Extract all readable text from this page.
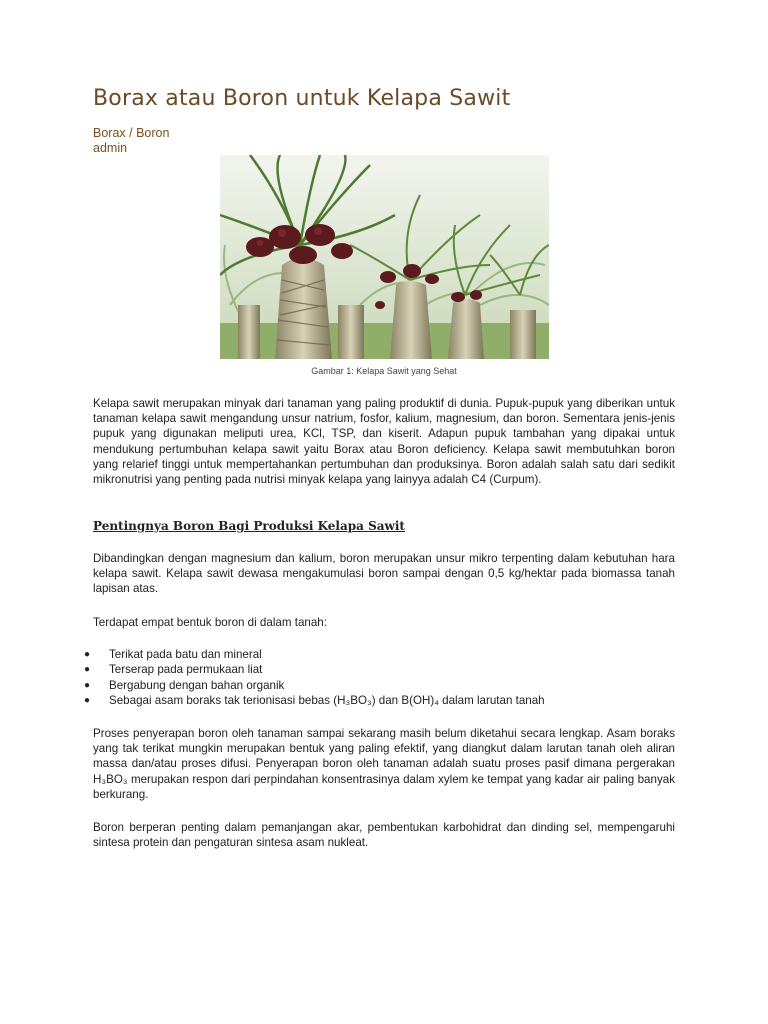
Borax atau Boron untuk Kelapa Sawit

Borax / Boron

admin

Gambar 1: Kelapa Sawit yang Sehat

Kelapa sawit merupakan minyak dari tanaman yang paling produktif di dunia. Pupuk-pupuk yang diberikan untuk tanaman kelapa sawit mengandung unsur natrium, fosfor, kalium, magnesium, dan boron. Sementara jenis-jenis pupuk yang digunakan meliputi urea, KCl, TSP, dan kiserit. Adapun pupuk tambahan yang dipakai untuk mendukung pertumbuhan kelapa sawit yaitu Borax atau Boron deficiency. Kelapa sawit membutuhkan boron yang relarief tinggi untuk mempertahankan pertumbuhan dan produksinya. Boron adalah salah satu dari sedikit mikronutrisi yang penting pada nutrisi minyak kelapa yang lainyya adalah C4 (Curpum).

Pentingnya Boron Bagi Produksi Kelapa Sawit

Dibandingkan dengan magnesium dan kalium, boron merupakan unsur mikro terpenting dalam kebutuhan hara kelapa sawit. Kelapa sawit dewasa mengakumulasi boron sampai dengan 0,5 kg/hektar pada biomassa tanah lapisan atas.

Terdapat empat bentuk boron di dalam tanah:

● Terikat pada batu dan mineral
● Terserap pada permukaan liat
● Bergabung dengan bahan organik
● Sebagai asam boraks tak terionisasi bebas (H₃BO₃) dan B(OH)₄ dalam larutan tanah

Proses penyerapan boron oleh tanaman sampai sekarang masih belum diketahui secara lengkap. Asam boraks yang tak terikat mungkin merupakan bentuk yang paling efektif, yang diangkut dalam larutan tanah oleh aliran massa dan/atau proses difusi. Penyerapan boron oleh tanaman adalah suatu proses pasif dimana pergerakan H₃BO₃ merupakan respon dari perpindahan konsentrasinya dalam xylem ke tempat yang kadar air paling banyak berkurang.

Boron berperan penting dalam pemanjangan akar, pembentukan karbohidrat dan dinding sel, mempengaruhi sintesa protein dan pengaturan sintesa asam nukleat.
